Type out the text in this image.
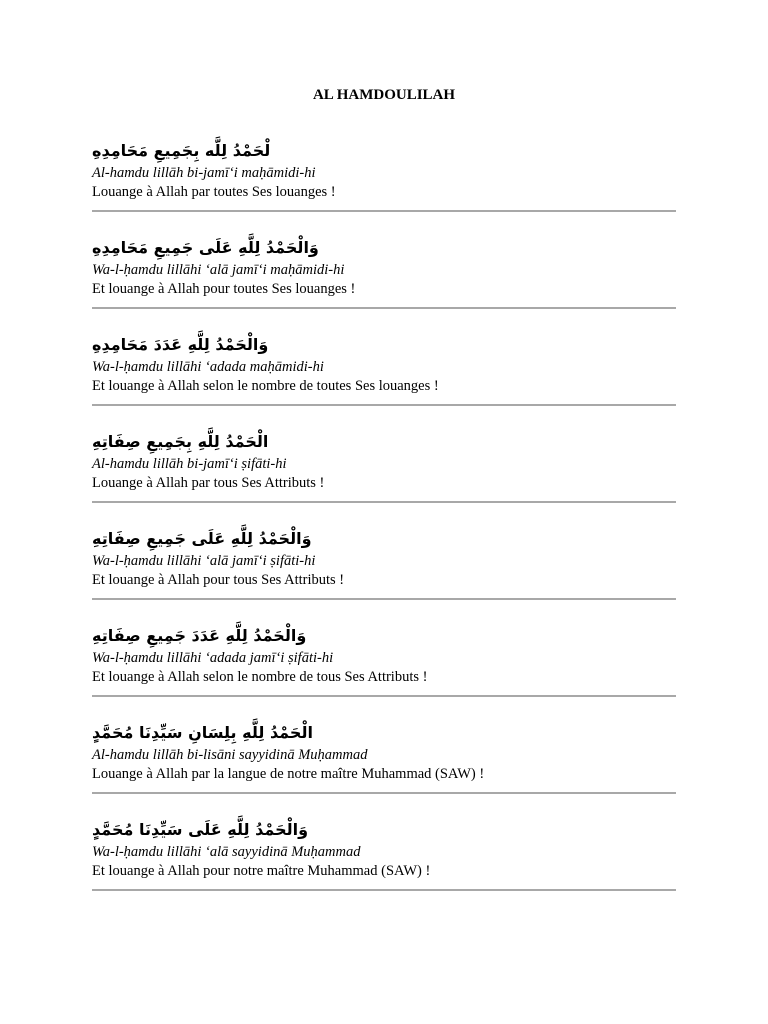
AL HAMDOULILAH
لْحَمْدُ لِلَّه بِجَمِيعِ مَحَامِدِهِ
Al-hamdu lillāh bi-jamī‘i maḥāmidi-hi
Louange à Allah par toutes Ses louanges !
وَالْحَمْدُ لِلَّهِ عَلَى جَمِيعِ مَحَامِدِهِ
Wa-l-ḥamdu lillāhi ‘alā jamī‘i maḥāmidi-hi
Et louange à Allah pour toutes Ses louanges !
وَالْحَمْدُ لِلَّهِ عَدَدَ مَحَامِدِهِ
Wa-l-ḥamdu lillāhi ‘adada maḥāmidi-hi
Et louange à Allah selon le nombre de toutes Ses louanges !
الْحَمْدُ لِلَّهِ بِجَمِيعِ صِفَاتِهِ
Al-hamdu lillāh bi-jamī‘i ṣifāti-hi
Louange à Allah par tous Ses Attributs !
وَالْحَمْدُ لِلَّهِ عَلَى جَمِيعِ صِفَاتِهِ
Wa-l-ḥamdu lillāhi ‘alā jamī‘i ṣifāti-hi
Et louange à Allah pour tous Ses Attributs !
وَالْحَمْدُ لِلَّهِ عَدَدَ جَمِيعِ صِفَاتِهِ
Wa-l-ḥamdu lillāhi ‘adada jamī‘i ṣifāti-hi
Et louange à Allah selon le nombre de tous Ses Attributs !
الْحَمْدُ لِلَّهِ بِلِسَانِ سَيِّدِنَا مُحَمَّدٍ
Al-hamdu lillāh bi-lisāni sayyidinā Muḥammad
Louange à Allah par la langue de notre maître Muhammad (SAW) !
وَالْحَمْدُ لِلَّهِ عَلَى سَيِّدِنَا مُحَمَّدٍ
Wa-l-ḥamdu lillāhi ‘alā sayyidinā Muḥammad
Et louange à Allah pour notre maître Muhammad (SAW) !
